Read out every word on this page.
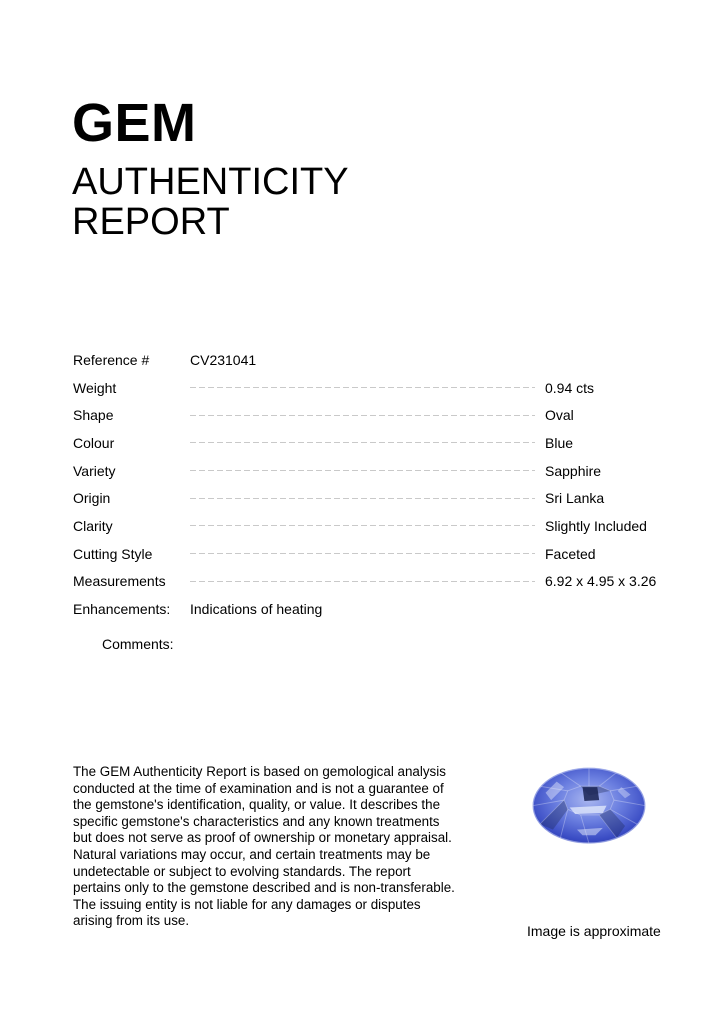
GEM
AUTHENTICITY
REPORT
Reference #	CV231041
Weight	0.94 cts
Shape	Oval
Colour	Blue
Variety	Sapphire
Origin	Sri Lanka
Clarity	Slightly Included
Cutting Style	Faceted
Measurements	6.92 x 4.95 x 3.26
Enhancements:	Indications of heating
Comments:

The GEM Authenticity Report is based on gemological analysis conducted at the time of examination and is not a guarantee of the gemstone's identification, quality, or value. It describes the specific gemstone's characteristics and any known treatments but does not serve as proof of ownership or monetary appraisal. Natural variations may occur, and certain treatments may be undetectable or subject to evolving standards. The report pertains only to the gemstone described and is non-transferable. The issuing entity is not liable for any damages or disputes arising from its use.

Image is approximate
